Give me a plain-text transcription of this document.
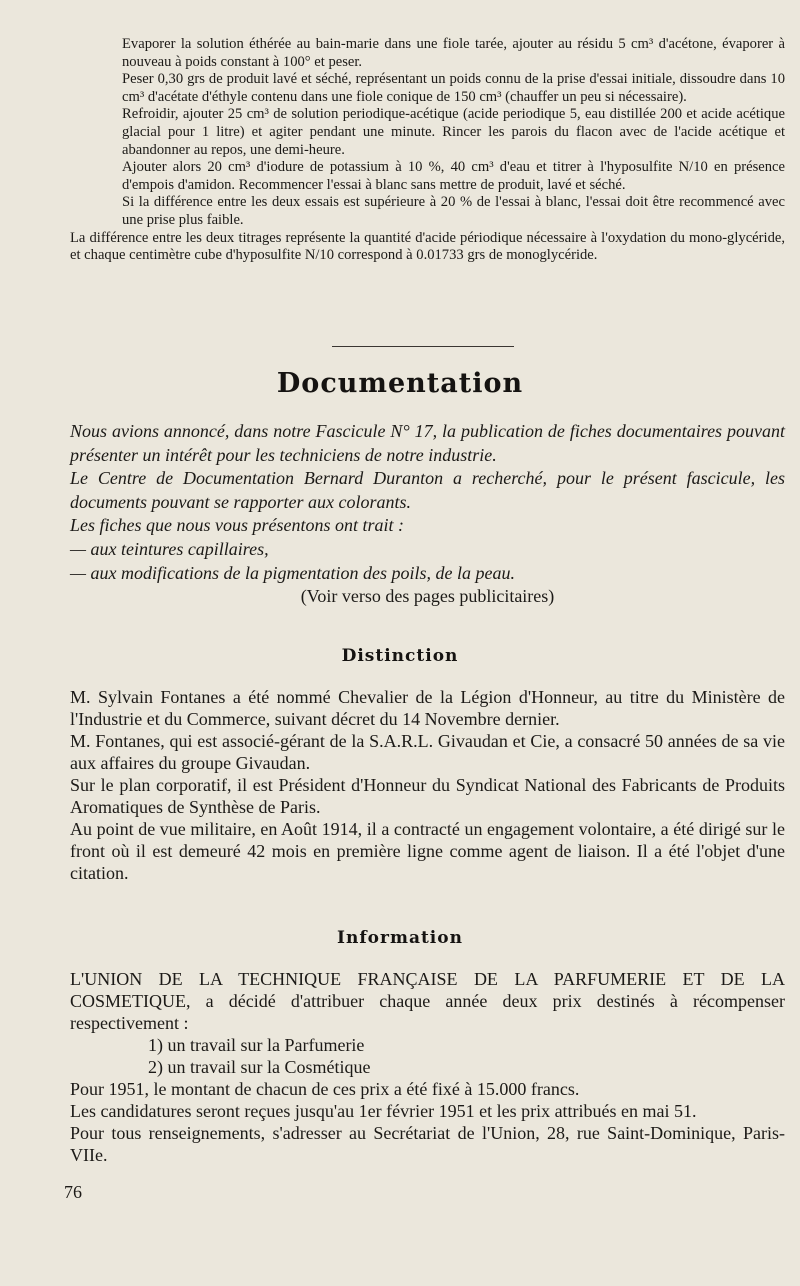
Evaporer la solution éthérée au bain-marie dans une fiole tarée, ajouter au résidu 5 cm³ d'acétone, évaporer à nouveau à poids constant à 100° et peser.

Peser 0,30 grs de produit lavé et séché, représentant un poids connu de la prise d'essai initiale, dissoudre dans 10 cm³ d'acétate d'éthyle contenu dans une fiole conique de 150 cm³ (chauffer un peu si nécessaire).

Refroidir, ajouter 25 cm³ de solution periodique-acétique (acide periodique 5, eau distillée 200 et acide acétique glacial pour 1 litre) et agiter pendant une minute. Rincer les parois du flacon avec de l'acide acétique et abandonner au repos, une demi-heure.

Ajouter alors 20 cm³ d'iodure de potassium à 10 %, 40 cm³ d'eau et titrer à l'hyposulfite N/10 en présence d'empois d'amidon. Recommencer l'essai à blanc sans mettre de produit, lavé et séché.

Si la différence entre les deux essais est supérieure à 20 % de l'essai à blanc, l'essai doit être recommencé avec une prise plus faible.

La différence entre les deux titrages représente la quantité d'acide périodique nécessaire à l'oxydation du mono-glycéride, et chaque centimètre cube d'hyposulfite N/10 correspond à 0.01733 grs de monoglycéride.

Documentation

Nous avions annoncé, dans notre Fascicule N° 17, la publication de fiches documentaires pouvant présenter un intérêt pour les techniciens de notre industrie.

Le Centre de Documentation Bernard Duranton a recherché, pour le présent fascicule, les documents pouvant se rapporter aux colorants.

Les fiches que nous vous présentons ont trait :

— aux teintures capillaires,

— aux modifications de la pigmentation des poils, de la peau.

(Voir verso des pages publicitaires)

Distinction

M. Sylvain Fontanes a été nommé Chevalier de la Légion d'Honneur, au titre du Ministère de l'Industrie et du Commerce, suivant décret du 14 Novembre dernier.

M. Fontanes, qui est associé-gérant de la S.A.R.L. Givaudan et Cie, a consacré 50 années de sa vie aux affaires du groupe Givaudan.

Sur le plan corporatif, il est Président d'Honneur du Syndicat National des Fabricants de Produits Aromatiques de Synthèse de Paris.

Au point de vue militaire, en Août 1914, il a contracté un engagement volontaire, a été dirigé sur le front où il est demeuré 42 mois en première ligne comme agent de liaison. Il a été l'objet d'une citation.

Information

L'UNION DE LA TECHNIQUE FRANÇAISE DE LA PARFUMERIE ET DE LA COSMETIQUE, a décidé d'attribuer chaque année deux prix destinés à récompenser respectivement :

1) un travail sur la Parfumerie

2) un travail sur la Cosmétique

Pour 1951, le montant de chacun de ces prix a été fixé à 15.000 francs.

Les candidatures seront reçues jusqu'au 1er février 1951 et les prix attribués en mai 51.

Pour tous renseignements, s'adresser au Secrétariat de l'Union, 28, rue Saint-Dominique, Paris-VIIe.

76
